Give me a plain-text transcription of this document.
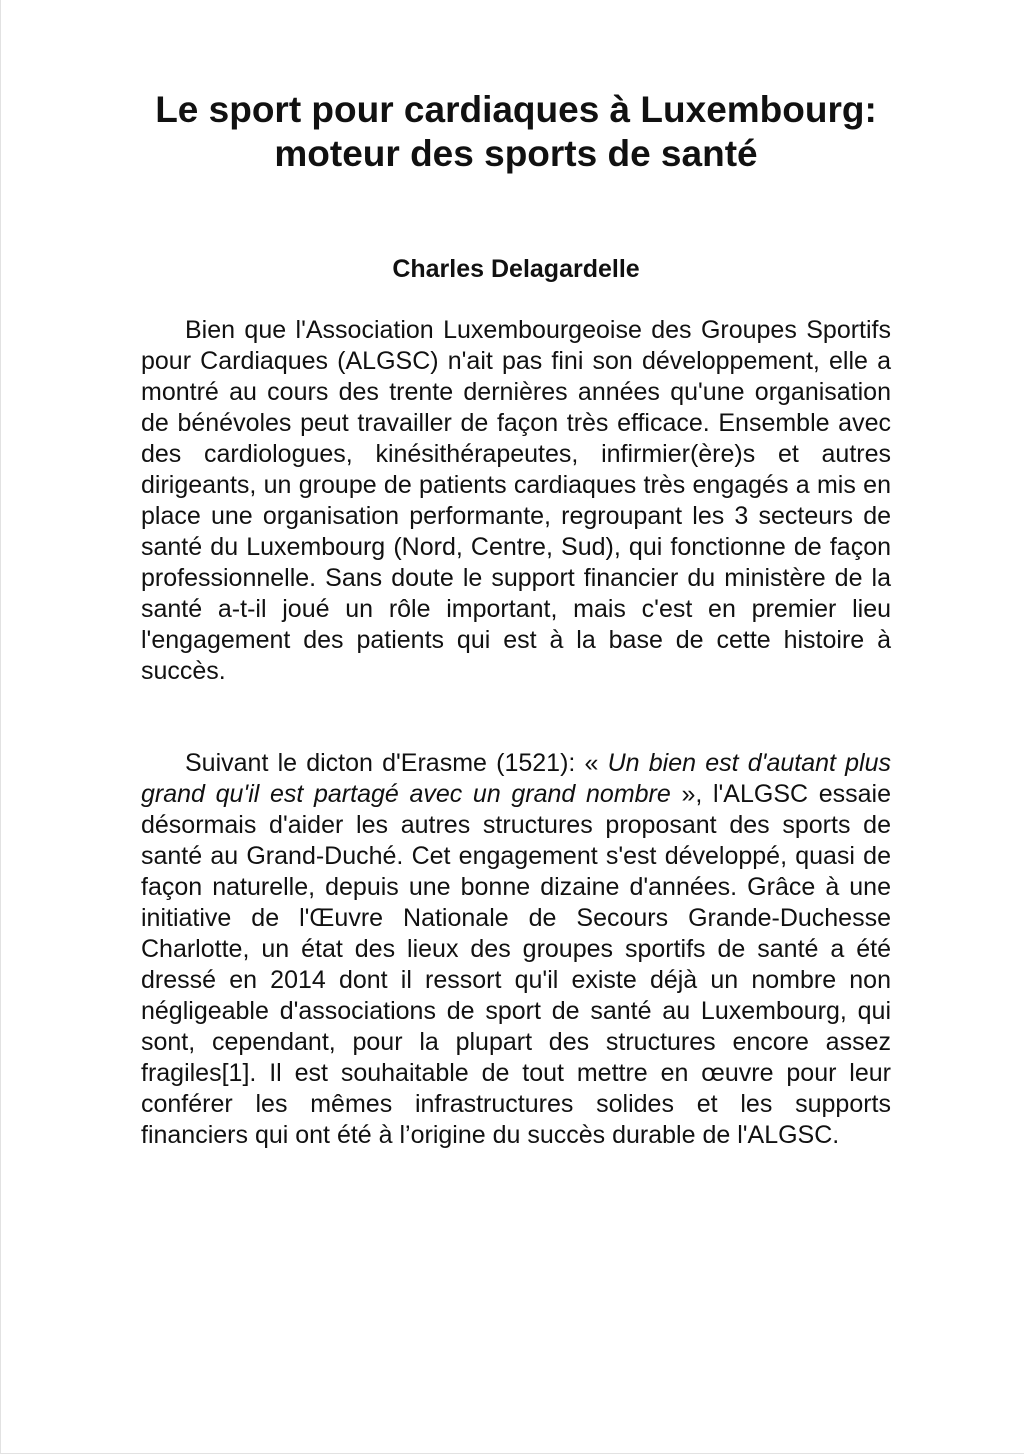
Le sport pour cardiaques à Luxembourg: moteur des sports de santé

Charles Delagardelle

Bien que l'Association Luxembourgeoise des Groupes Sportifs pour Cardiaques (ALGSC) n'ait pas fini son développement, elle a montré au cours des trente dernières années qu'une organisation de bénévoles peut travailler de façon très efficace. Ensemble avec des cardiologues, kinésithérapeutes, infirmier(ère)s et autres dirigeants, un groupe de patients cardiaques très engagés a mis en place une organisation performante, regroupant les 3 secteurs de santé du Luxembourg (Nord, Centre, Sud), qui fonctionne de façon professionnelle. Sans doute le support financier du ministère de la santé a-t-il joué un rôle important, mais c'est en premier lieu l'engagement des patients qui est à la base de cette histoire à succès.

Suivant le dicton d'Erasme (1521): « Un bien est d'autant plus grand qu'il est partagé avec un grand nombre », l'ALGSC essaie désormais d'aider les autres structures proposant des sports de santé au Grand-Duché. Cet engagement s'est développé, quasi de façon naturelle, depuis une bonne dizaine d'années. Grâce à une initiative de l'Œuvre Nationale de Secours Grande-Duchesse Charlotte, un état des lieux des groupes sportifs de santé a été dressé en 2014 dont il ressort qu'il existe déjà un nombre non négligeable d'associations de sport de santé au Luxembourg, qui sont, cependant, pour la plupart des structures encore assez fragiles[1]. Il est souhaitable de tout mettre en œuvre pour leur conférer les mêmes infrastructures solides et les supports financiers qui ont été à l’origine du succès durable de l'ALGSC.
